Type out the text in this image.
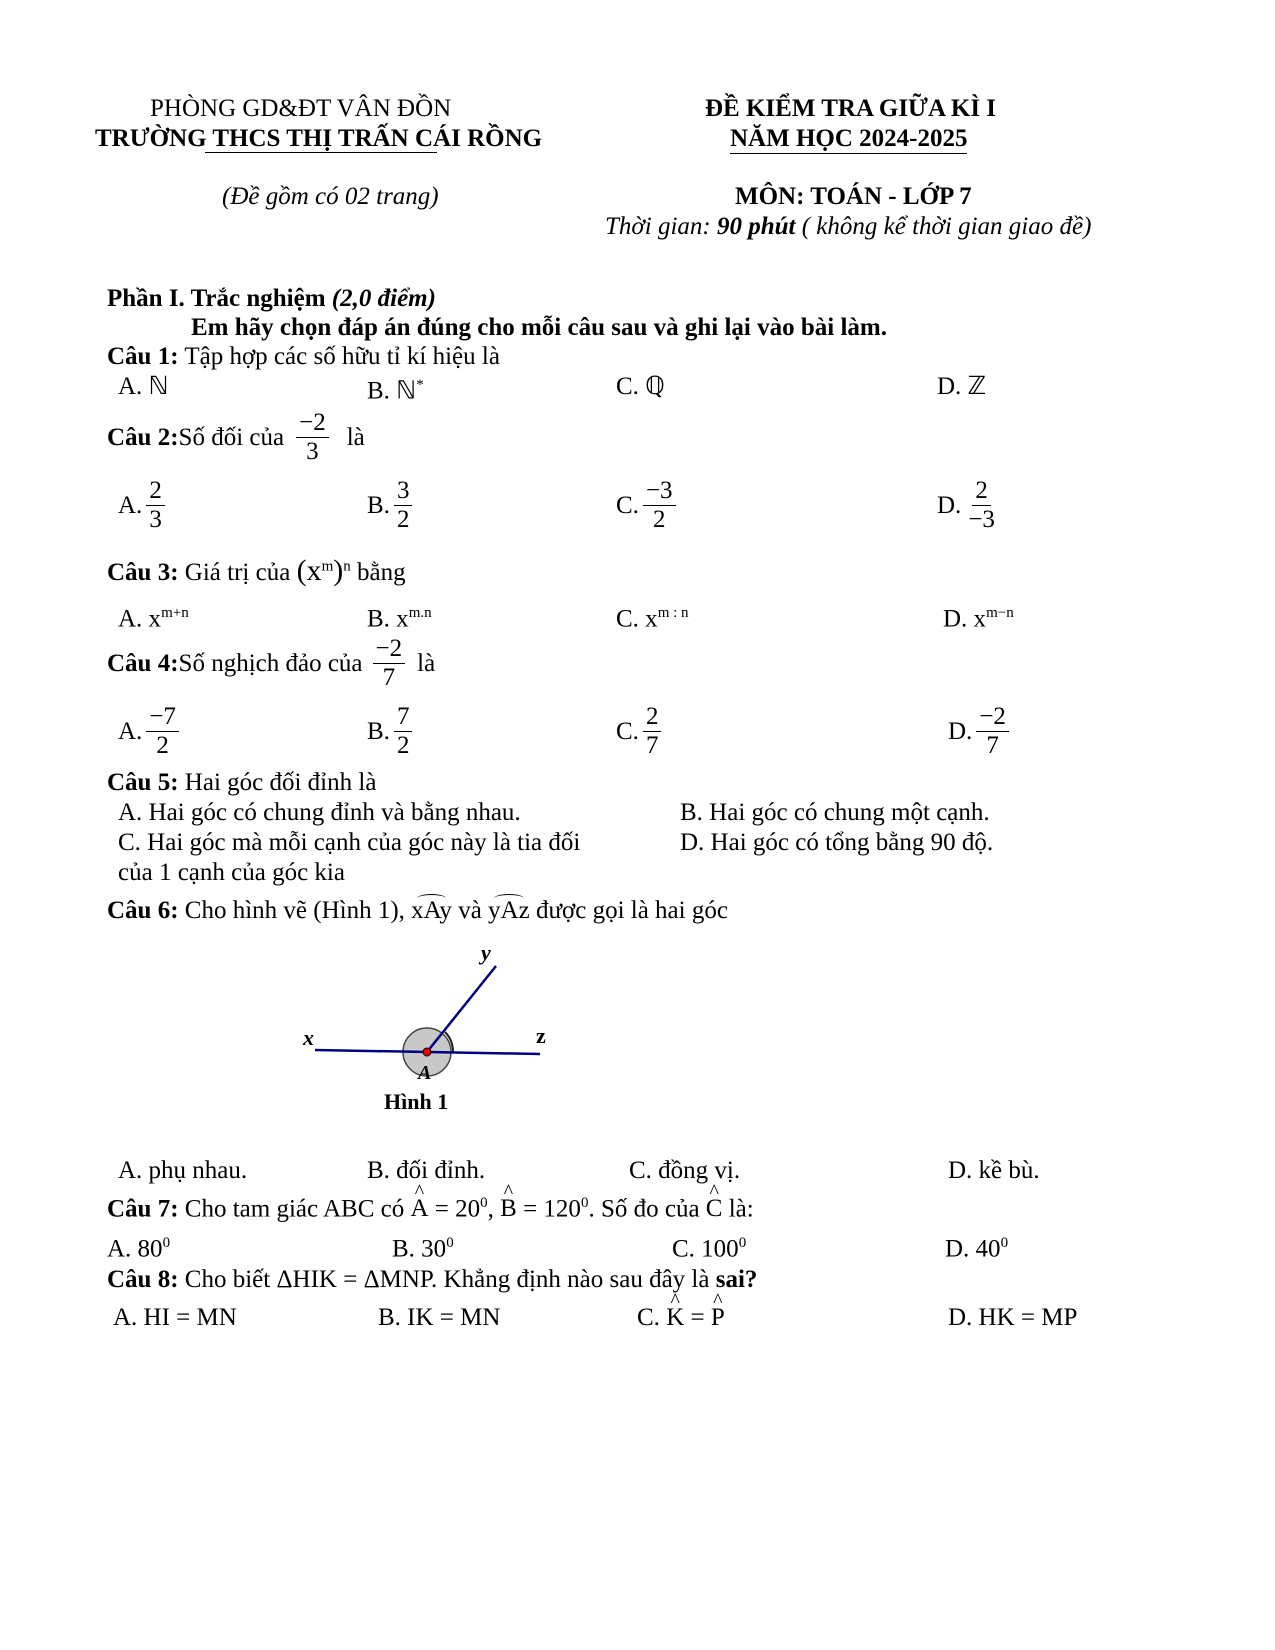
PHÒNG GD&ĐT VÂN ĐỒN
TRƯỜNG THCS THỊ TRẤN CÁI RỒNG
ĐỀ KIỂM TRA GIỮA KÌ I
NĂM HỌC 2024-2025
(Đề gồm có 02 trang)	MÔN: TOÁN - LỚP 7
Thời gian: 90 phút ( không kể thời gian giao đề)
Phần I. Trắc nghiệm (2,0 điểm)
Em hãy chọn đáp án đúng cho mỗi câu sau và ghi lại vào bài làm.
Câu 1: Tập hợp các số hữu tỉ kí hiệu là
A. ℕ	B. ℕ*	C. ℚ	D. ℤ
Câu 2: Số đối của $\frac{-2}{3}$ là
A. $\frac{2}{3}$	B. $\frac{3}{2}$	C. $\frac{-3}{2}$	D. $\frac{2}{-3}$
Câu 3: Giá trị của $(x^m)^n$ bằng
A. $x^{m+n}$	B. $x^{m.n}$	C. $x^{m : n}$	D. $x^{m-n}$
Câu 4: Số nghịch đảo của $\frac{-2}{7}$ là
A. $\frac{-7}{2}$	B. $\frac{7}{2}$	C. $\frac{2}{7}$	D. $\frac{-2}{7}$
Câu 5: Hai góc đối đỉnh là
A. Hai góc có chung đỉnh và bằng nhau.	B. Hai góc có chung một cạnh.
C. Hai góc mà mỗi cạnh của góc này là tia đối
của 1 cạnh của góc kia
D. Hai góc có tổng bằng 90 độ.
Câu 6: Cho hình vẽ (Hình 1), xAy và yAz được gọi là hai góc
x
y
z
A
Hình 1
A. phụ nhau.	B. đối đỉnh.	C. đồng vị.	D. kề bù.
Câu 7: Cho tam giác ABC có ^ $A = 20^0$, ^ $B = 120^0$. Số đo của ^ C là:
A. $80^0$	B. $30^0$	C. $100^0$	D. $40^0$
Câu 8: Cho biết ΔHIK = ΔMNP. Khẳng định nào sau đây là sai?
A. HI = MN	B. IK = MN	C. ^ K = ^ P	D. HK = MP
